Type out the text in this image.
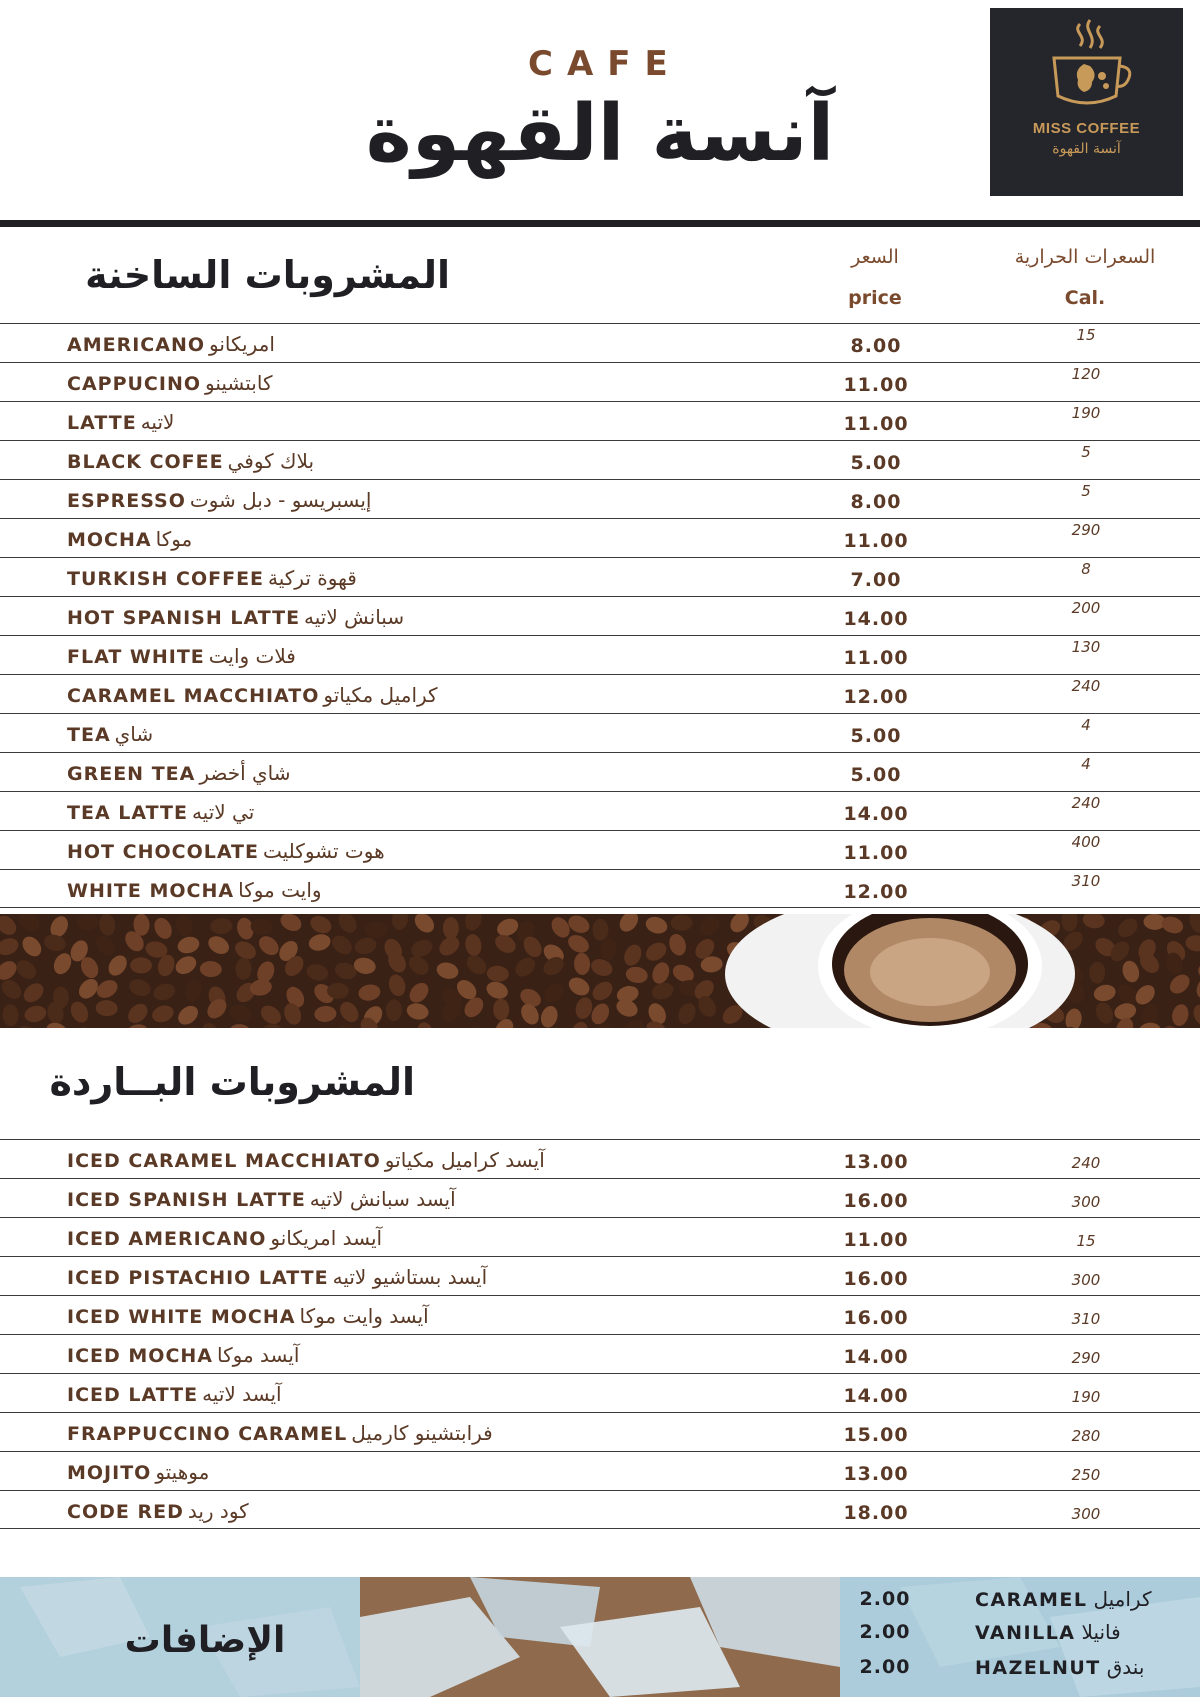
CAFE
آنسة القهوة	MISS COFFEE
آنسة القهوة
المشروبات الساخنة	السعر
price
السعرات الحرارية
Cal.
AMERICANO امريكانو	8.00	15
CAPPUCINO كابتشينو	11.00	120
LATTE لاتيه	11.00	190
BLACK COFEE بلاك كوفي	5.00	5
ESPRESSO إيسبريسو - دبل شوت	8.00	5
MOCHA موكا	11.00	290
TURKISH COFFEE قهوة تركية	7.00	8
HOT SPANISH LATTE سبانش لاتيه	14.00	200
FLAT WHITE فلات وايت	11.00	130
CARAMEL MACCHIATO كراميل مكياتو	12.00	240
TEA شاي	5.00	4
GREEN TEA شاي أخضر	5.00	4
TEA LATTE تي لاتيه	14.00	240
HOT CHOCOLATE هوت تشوكليت	11.00	400
WHITE MOCHA وايت موكا	12.00	310
المشروبات البــاردة
ICED CARAMEL MACCHIATO آيسد كراميل مكياتو	13.00	240
ICED SPANISH LATTE آيسد سبانش لاتيه	16.00	300
ICED AMERICANO آيسد امريكانو	11.00	15
ICED PISTACHIO LATTE آيسد بستاشيو لاتيه	16.00	300
ICED WHITE MOCHA آيسد وايت موكا	16.00	310
ICED MOCHA آيسد موكا	14.00	290
ICED LATTE آيسد لاتيه	14.00	190
FRAPPUCCINO CARAMEL فرابتشينو كارميل	15.00	280
MOJITO موهيتو	13.00	250
CODE RED كود ريد	18.00	300
الإضافات
2.00	CARAMEL كراميل
2.00	VANILLA فانيلا
2.00	HAZELNUT بندق
